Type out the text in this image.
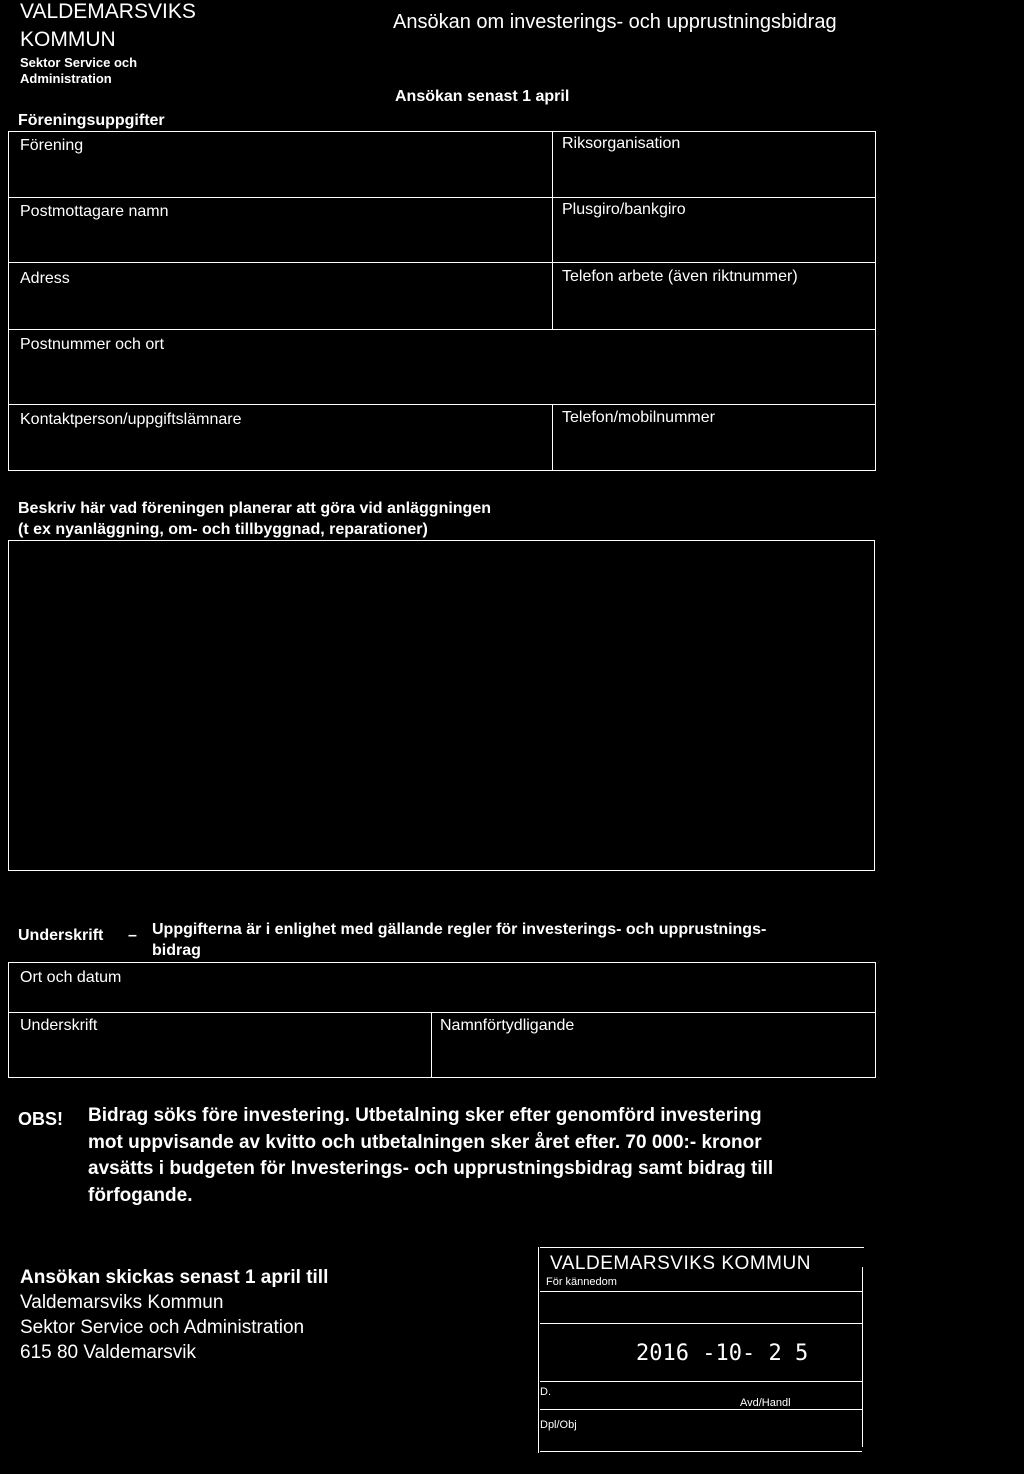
VALDEMARSVIKS
KOMMUN
Sektor Service och
Administration
Ansökan om investerings- och upprustningsbidrag
Ansökan senast 1 april
Föreningsuppgifter
Förening	Riksorganisation
Postmottagare namn	Plusgiro/bankgiro
Adress	Telefon arbete (även riktnummer)
Postnummer och ort
Kontaktperson/uppgiftslämnare	Telefon/mobilnummer
Beskriv här vad föreningen planerar att göra vid anläggningen
(t ex nyanläggning, om- och tillbyggnad, reparationer)
Underskrift – Uppgifterna är i enlighet med gällande regler för investerings- och upprustnings-
bidrag
Ort och datum
Underskrift	Namnförtydligande
OBS! Bidrag söks före investering. Utbetalning sker efter genomförd investering
mot uppvisande av kvitto och utbetalningen sker året efter. 70 000:- kronor
avsätts i budgeten för Investerings- och upprustningsbidrag samt bidrag till
förfogande.
Ansökan skickas senast 1 april till
Valdemarsviks Kommun
Sektor Service och Administration
615 80 Valdemarsvik
VALDEMARSVIKS KOMMUN
För kännedom
2016 -10- 2 5
D.
Avd/Handl
Dpl/Obj
